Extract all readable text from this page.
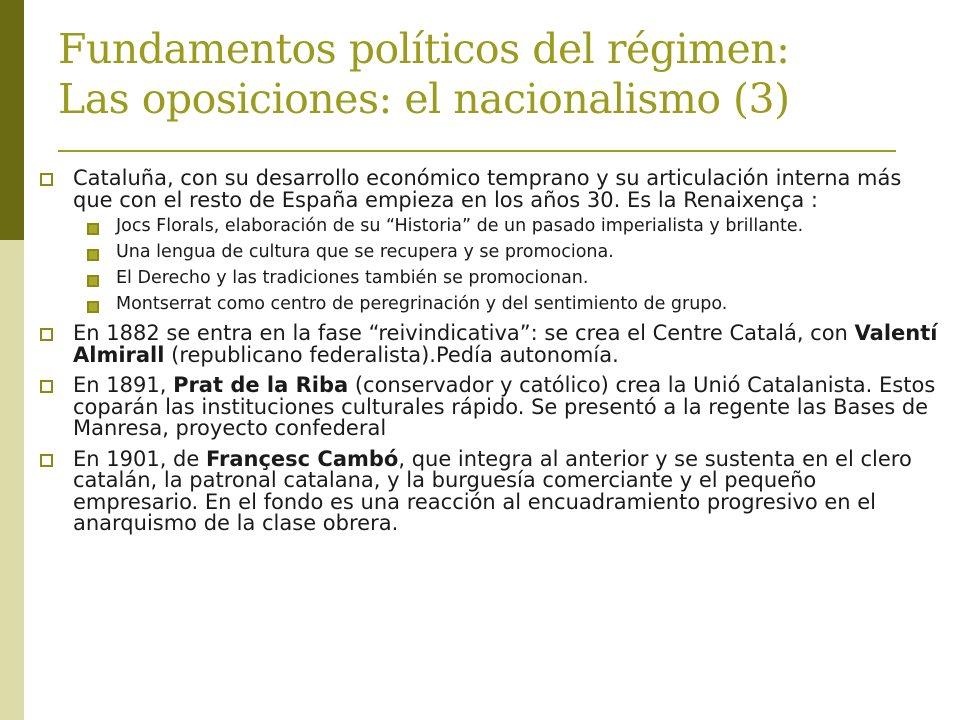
Fundamentos políticos del régimen:
Las oposiciones: el nacionalismo (3)
Cataluña, con su desarrollo económico temprano y su articulación interna más que con el resto de España empieza en los años 30. Es la Renaixença :
Jocs Florals, elaboración de su “Historia” de un pasado imperialista y brillante.
Una lengua de cultura que se recupera y se promociona.
El Derecho y las tradiciones también se promocionan.
Montserrat como centro de peregrinación y del sentimiento de grupo.
En 1882 se entra en la fase “reivindicativa”: se crea el Centre Catalá, con Valentí Almirall (republicano federalista).Pedía autonomía.
En 1891, Prat de la Riba (conservador y católico) crea la Unió Catalanista. Estos coparán las instituciones culturales rápido. Se presentó a la regente las Bases de Manresa, proyecto confederal
En 1901, de Françesc Cambó, que integra al anterior y se sustenta en el clero catalán, la patronal catalana, y la burguesía comerciante y el pequeño empresario. En el fondo es una reacción al encuadramiento progresivo en el anarquismo de la clase obrera.
